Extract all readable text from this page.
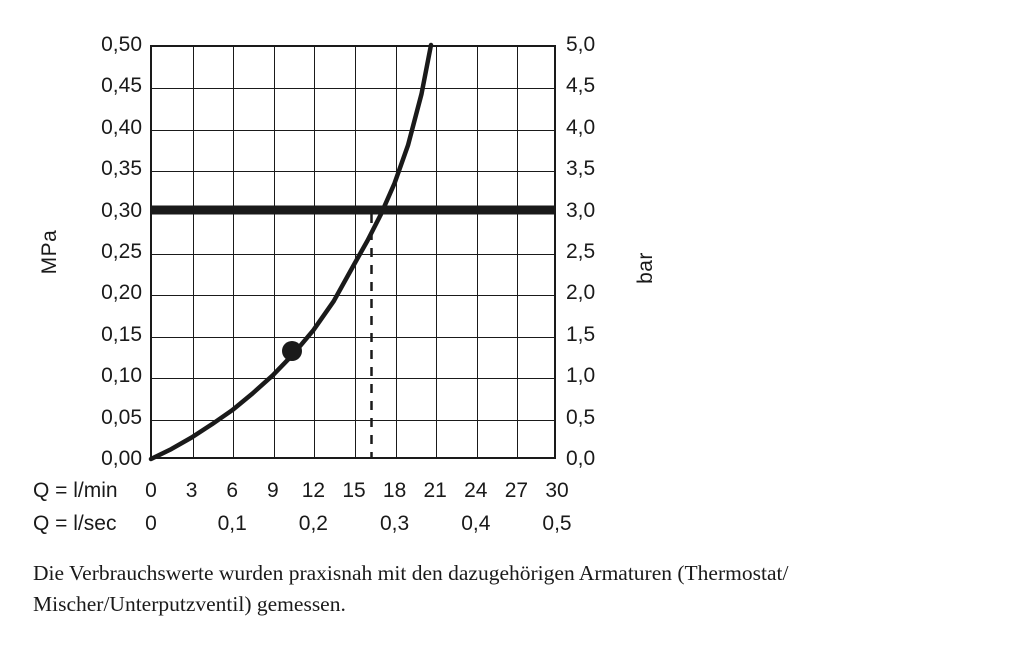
0,50
0,45
0,40
0,35
0,30
0,25
0,20
0,15
0,10
0,05
0,00
5,0
4,5
4,0
3,5
3,0
2,5
2,0
1,5
1,0
0,5
0,0
MPa	bar
Q = l/min 0 3 6 9 12 15 18 21 24 27 30
Q = l/sec 0	0,1 0,2 0,3 0,4 0,5
Die Verbrauchswerte wurden praxisnah mit den dazugehörigen Armaturen (Thermostat/
Mischer/Unterputzventil) gemessen.
